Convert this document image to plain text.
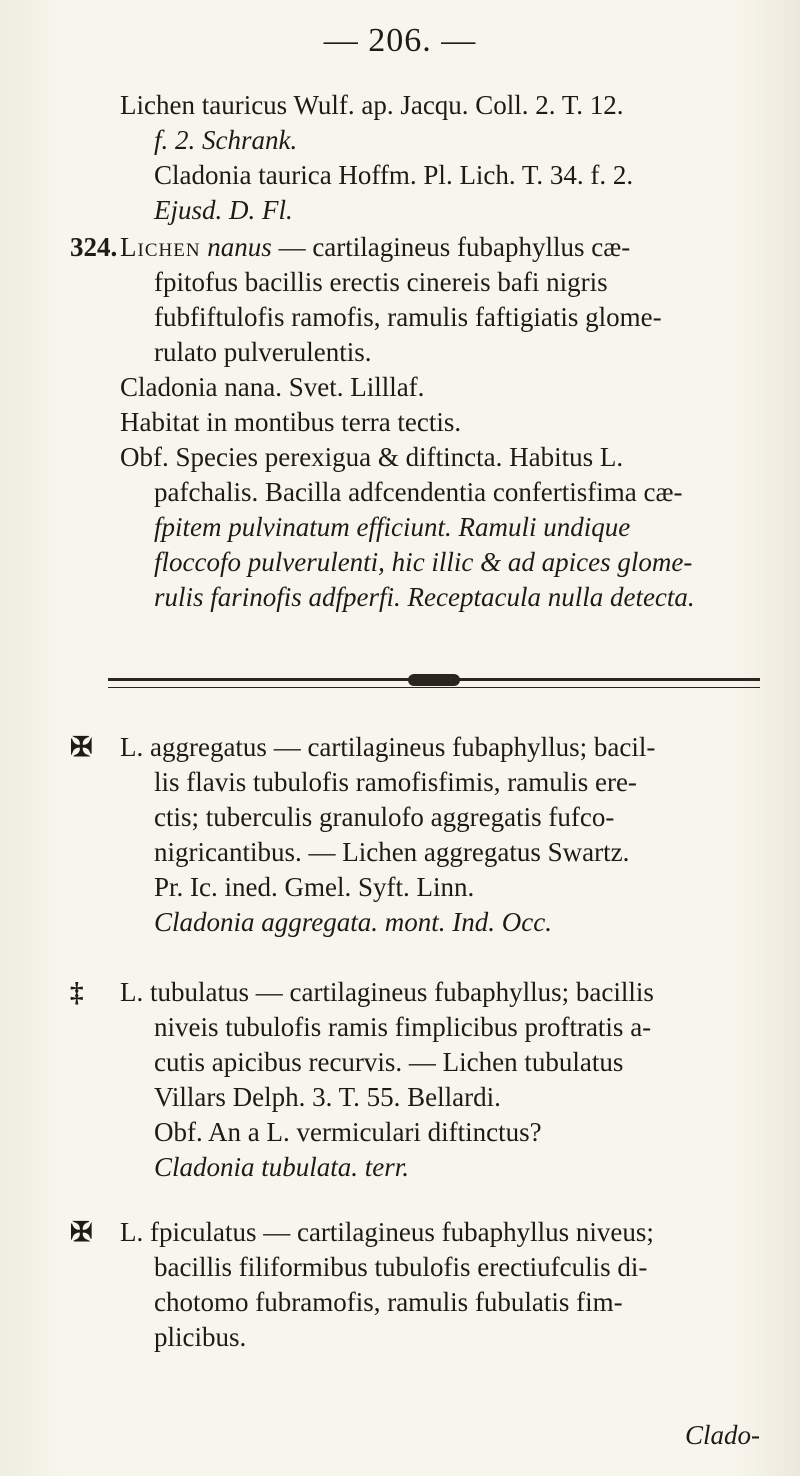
— 206. —
Lichen tauricus Wulf. ap. Jacqu. Coll. 2. T. 12.
f. 2. Schrank.
Cladonia taurica Hoffm. Pl. Lich. T. 34. f. 2.
Ejusd. D. Fl.
324. Lichen nanus — cartilagineus fubaphyllus cæ-
fpitofus bacillis erectis cinereis bafi nigris
fubfiftulofis ramofis, ramulis faftigiatis glome-
rulato pulverulentis.
Cladonia nana. Svet. Lilllaf.
Habitat in montibus terra tectis.
Obf. Species perexigua & diftincta. Habitus L.
pafchalis. Bacilla adfcendentia confertisfima cæ-
fpitem pulvinatum efficiunt. Ramuli undique
floccofo pulverulenti, hic illic & ad apices glome-
rulis farinofis adfperfi. Receptacula nulla detecta.
✠ L. aggregatus — cartilagineus fubaphyllus; bacil-
lis flavis tubulofis ramofisfimis, ramulis ere-
ctis; tuberculis granulofo aggregatis fufco-
nigricantibus. — Lichen aggregatus Swartz.
Pr. Ic. ined. Gmel. Syft. Linn.
Cladonia aggregata. mont. Ind. Occ.
‡ L. tubulatus — cartilagineus fubaphyllus; bacillis
niveis tubulofis ramis fimplicibus proftratis a-
cutis apicibus recurvis. — Lichen tubulatus
Villars Delph. 3. T. 55. Bellardi.
Obf. An a L. vermiculari diftinctus?
Cladonia tubulata. terr.
✠ L. fpiculatus — cartilagineus fubaphyllus niveus;
bacillis filiformibus tubulofis erectiufculis di-
chotomo fubramofis, ramulis fubulatis fim-
plicibus.
Clado-
